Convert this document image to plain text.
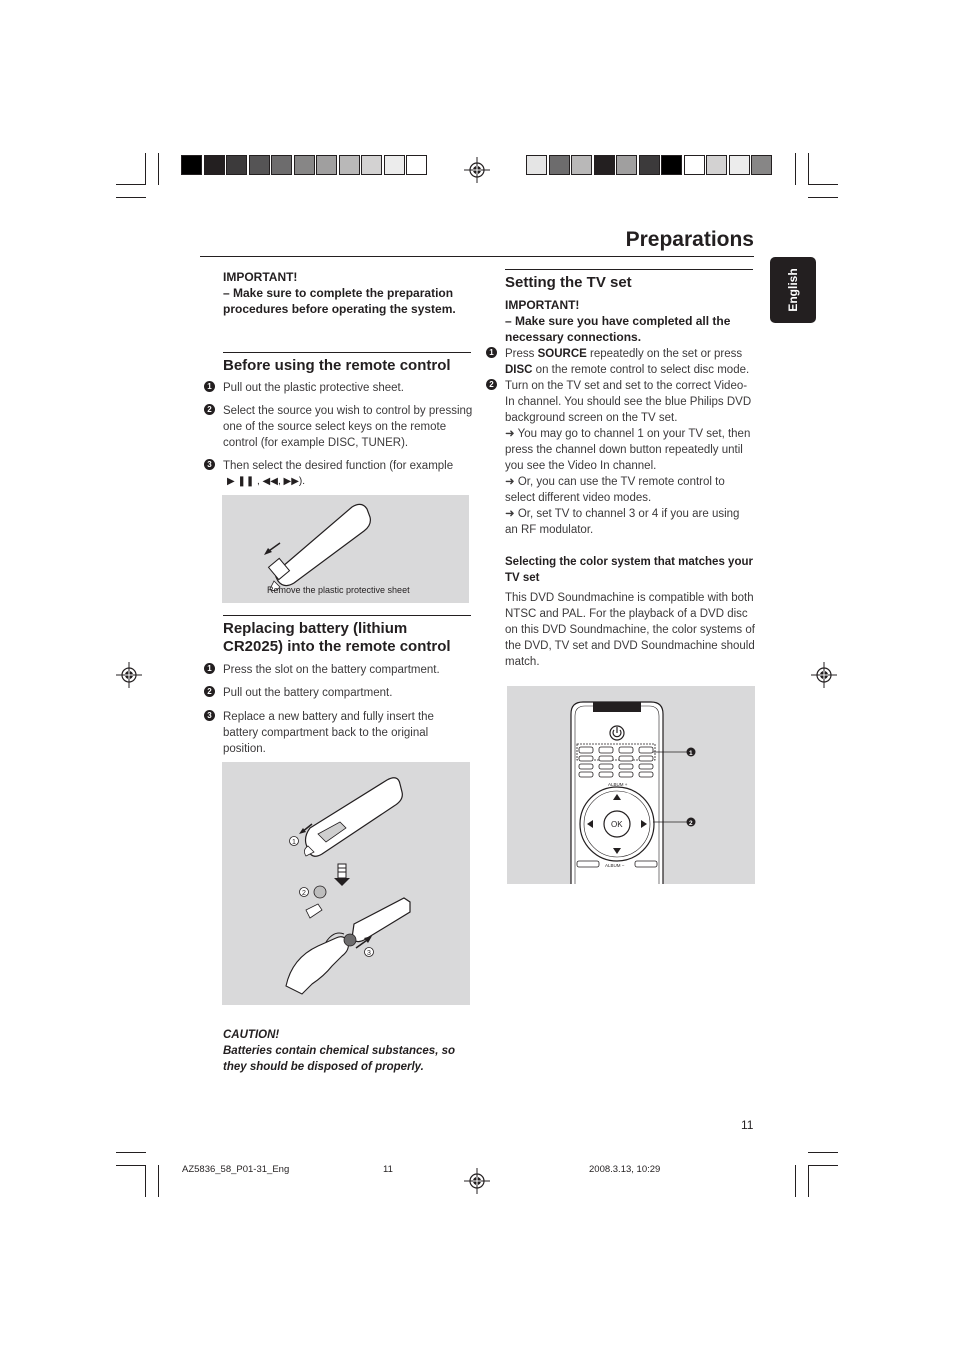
Preparations
English
IMPORTANT!
– Make sure to complete the preparation procedures before operating the system.
Before using the remote control
1 Pull out the plastic protective sheet.
2 Select the source you wish to control by pressing one of the source select keys on the remote control (for example DISC, TUNER).
3 Then select the desired function (for example
▶ ❚❚ , ◀◀, ▶▶).
Remove the plastic protective sheet
Replacing battery (lithium CR2025) into the remote control
1 Press the slot on the battery compartment.
2 Pull out the battery compartment.
3 Replace a new battery and fully insert the battery compartment back to the original position.
1
2
3
CAUTION!
Batteries contain chemical substances, so they should be disposed of properly.
Setting the TV set
IMPORTANT!
– Make sure you have completed all the necessary connections.
1 Press SOURCE repeatedly on the set or press DISC on the remote control to select disc mode.
2 Turn on the TV set and set to the correct Video-In channel. You should see the blue Philips DVD background screen on the TV set.
➜ You may go to channel 1 on your TV set, then press the channel down button repeatedly until you see the Video In channel.
➜ Or, you can use the TV remote control to select different video modes.
➜ Or, set TV to channel 3 or 4 if you are using an RF modulator.
Selecting the color system that matches your TV set
This DVD Soundmachine is compatible with both NTSC and PAL. For the playback of a DVD disc on this DVD Soundmachine, the color systems of the DVD, TV set and DVD Soundmachine should match.
ALBUM +
OK
ALBUM −
1
2
11
AZ5836_58_P01-31_Eng	11	2008.3.13, 10:29
